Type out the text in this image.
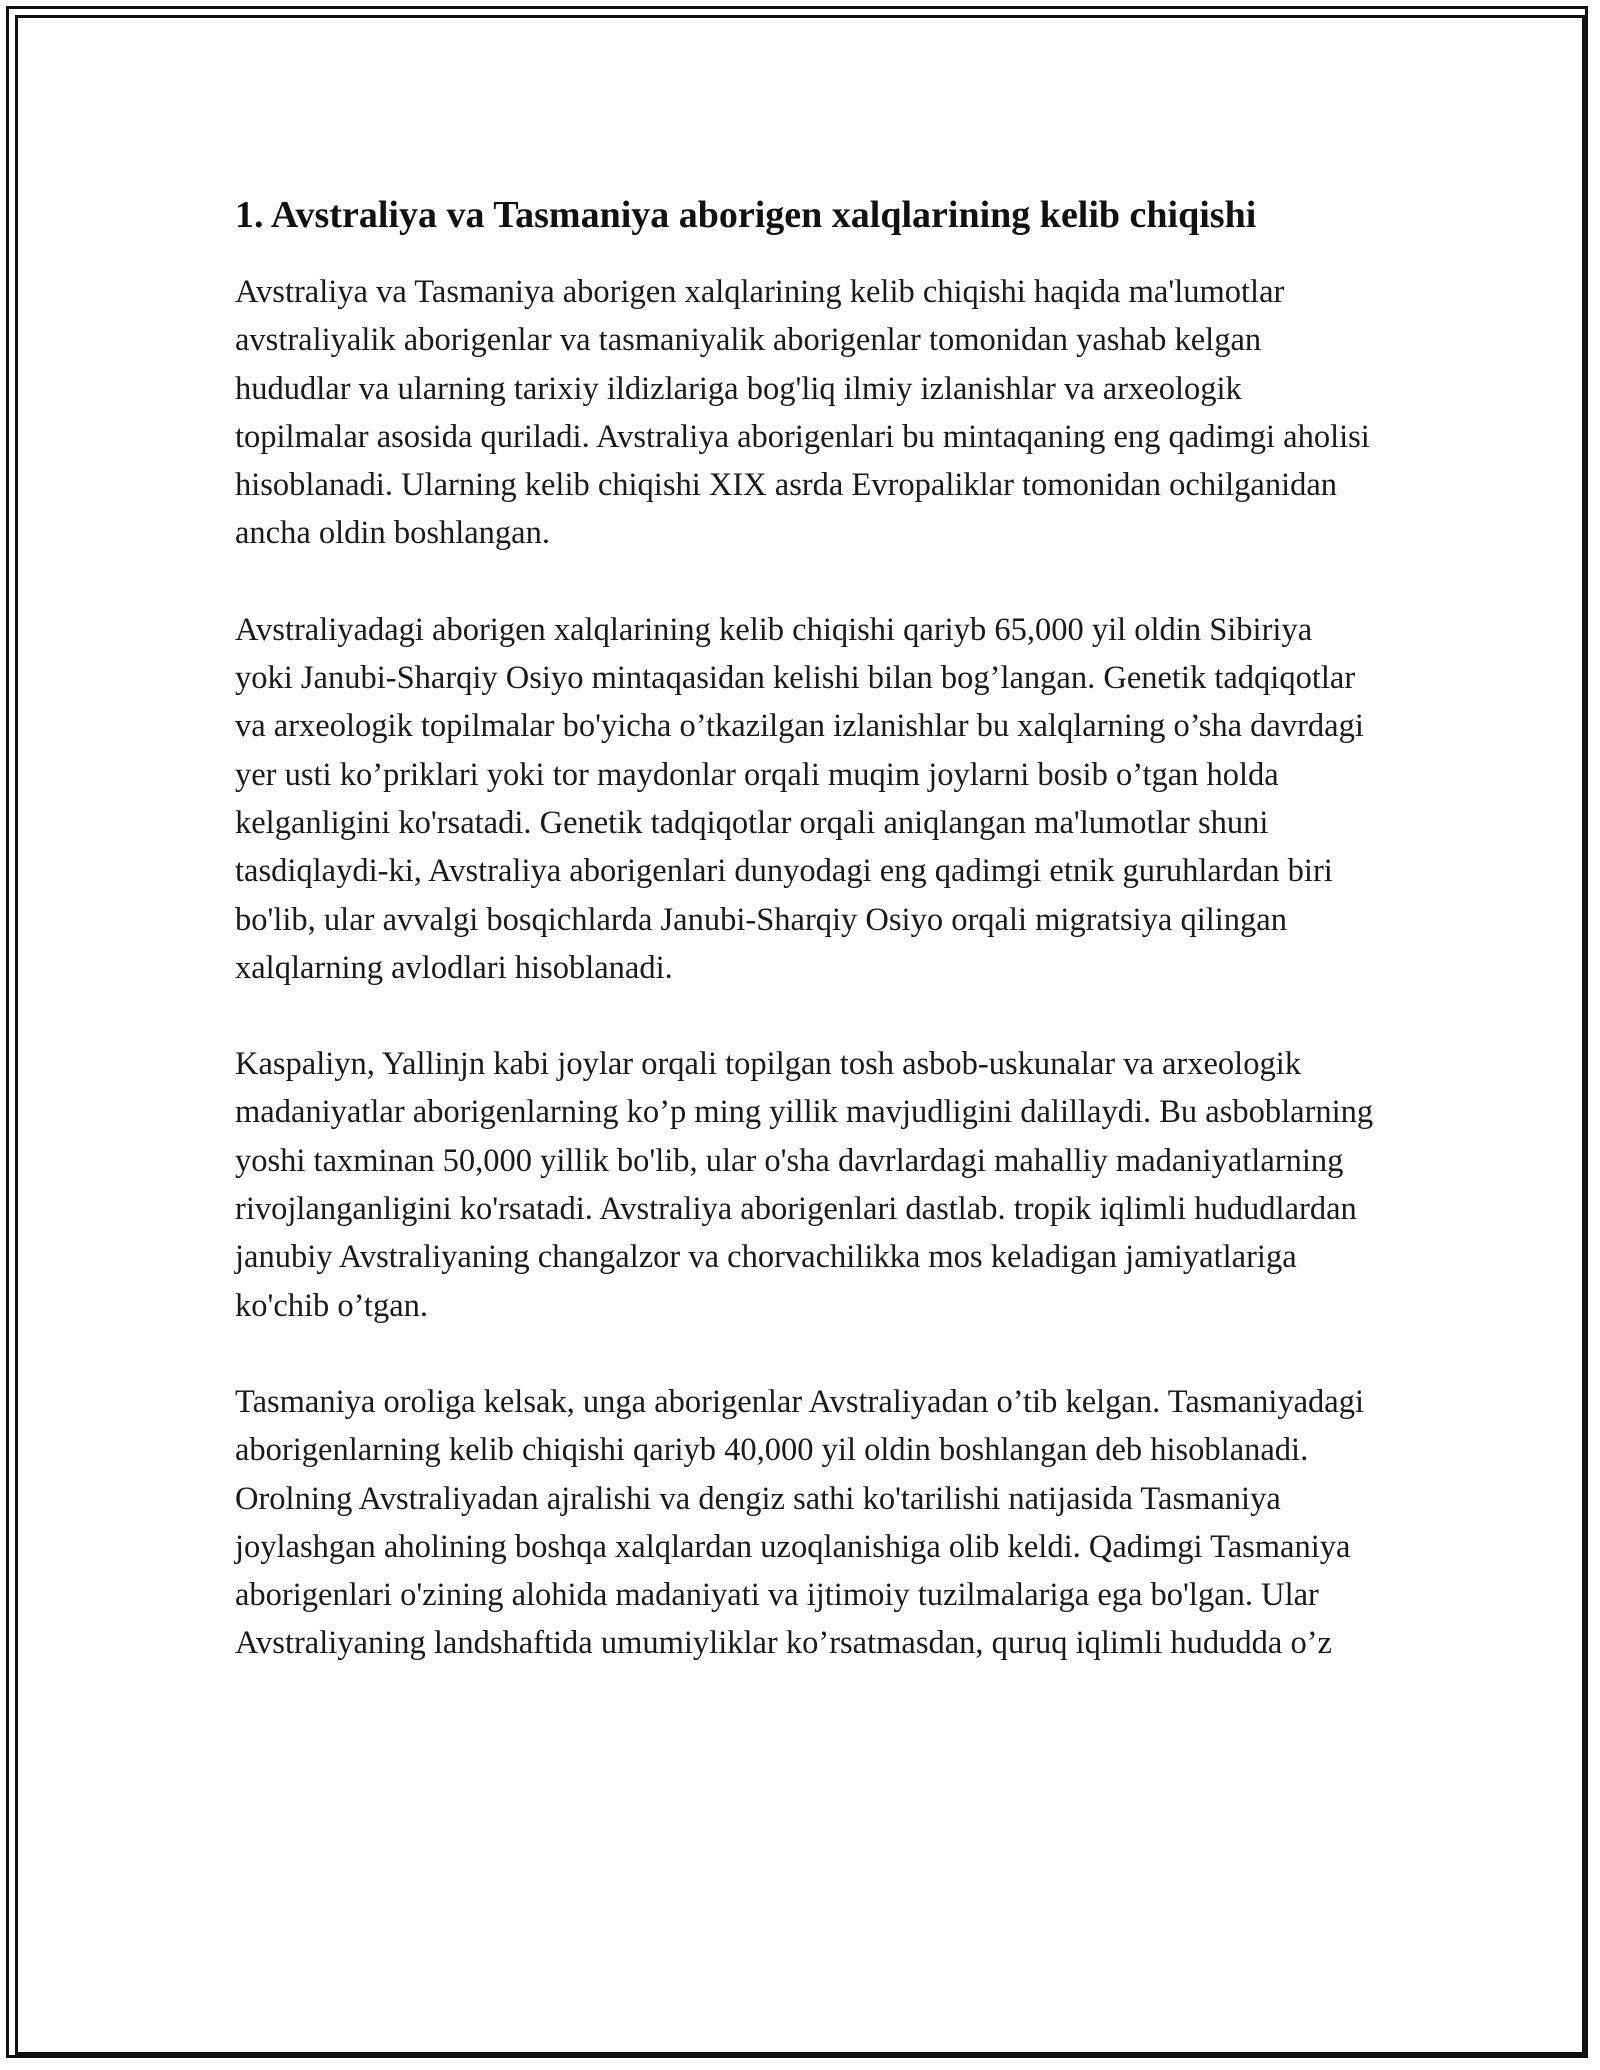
1. Avstraliya va Tasmaniya aborigen xalqlarining kelib chiqishi

Avstraliya va Tasmaniya aborigen xalqlarining kelib chiqishi haqida ma'lumotlar avstraliyalik aborigenlar va tasmaniyalik aborigenlar tomonidan yashab kelgan hududlar va ularning tarixiy ildizlariga bog'liq ilmiy izlanishlar va arxeologik topilmalar asosida quriladi. Avstraliya aborigenlari bu mintaqaning eng qadimgi aholisi hisoblanadi. Ularning kelib chiqishi XIX asrda Evropaliklar tomonidan ochilganidan ancha oldin boshlangan.

Avstraliyadagi aborigen xalqlarining kelib chiqishi qariyb 65,000 yil oldin Sibiriya yoki Janubi-Sharqiy Osiyo mintaqasidan kelishi bilan bog’langan. Genetik tadqiqotlar va arxeologik topilmalar bo'yicha o’tkazilgan izlanishlar bu xalqlarning o’sha davrdagi yer usti ko’priklari yoki tor maydonlar orqali muqim joylarni bosib o’tgan holda kelganligini ko'rsatadi. Genetik tadqiqotlar orqali aniqlangan ma'lumotlar shuni tasdiqlaydi-ki, Avstraliya aborigenlari dunyodagi eng qadimgi etnik guruhlardan biri bo'lib, ular avvalgi bosqichlarda Janubi-Sharqiy Osiyo orqali migratsiya qilingan xalqlarning avlodlari hisoblanadi.

Kaspaliyn, Yallinjn kabi joylar orqali topilgan tosh asbob-uskunalar va arxeologik madaniyatlar aborigenlarning ko’p ming yillik mavjudligini dalillaydi. Bu asboblarning yoshi taxminan 50,000 yillik bo'lib, ular o'sha davrlardagi mahalliy madaniyatlarning rivojlanganligini ko'rsatadi. Avstraliya aborigenlari dastlab. tropik iqlimli hududlardan janubiy Avstraliyaning changalzor va chorvachilikka mos keladigan jamiyatlariga ko'chib o’tgan.

Tasmaniya oroliga kelsak, unga aborigenlar Avstraliyadan o’tib kelgan. Tasmaniyadagi aborigenlarning kelib chiqishi qariyb 40,000 yil oldin boshlangan deb hisoblanadi. Orolning Avstraliyadan ajralishi va dengiz sathi ko'tarilishi natijasida Tasmaniya joylashgan aholining boshqa xalqlardan uzoqlanishiga olib keldi. Qadimgi Tasmaniya aborigenlari o'zining alohida madaniyati va ijtimoiy tuzilmalariga ega bo'lgan. Ular Avstraliyaning landshaftida umumiyliklar ko’rsatmasdan, quruq iqlimli hududda o’z
